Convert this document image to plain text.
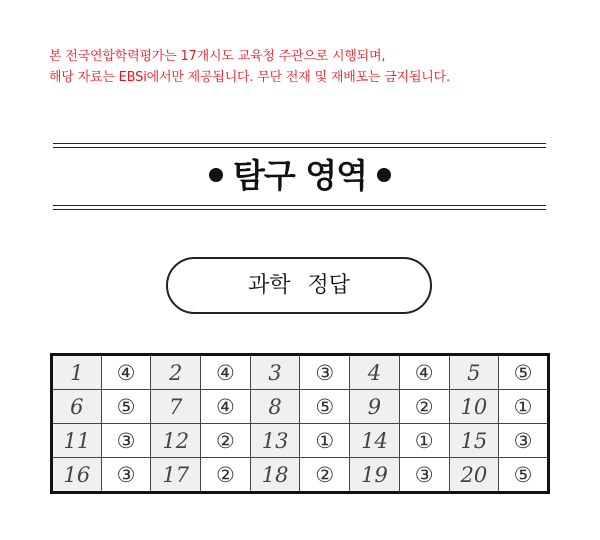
본 전국연합학력평가는 17개시도 교육청 주관으로 시행되며,
해당 자료는 EBSi에서만 제공됩니다. 무단 전재 및 재배포는 금지됩니다.
탐구 영역
과학 정답
1	④	2	④	3	③	4	④	5	⑤
6	⑤	7	④	8	⑤	9	②	10	①
11	③	12	②	13	①	14	①	15	③
16	③	17	②	18	②	19	③	20	⑤
